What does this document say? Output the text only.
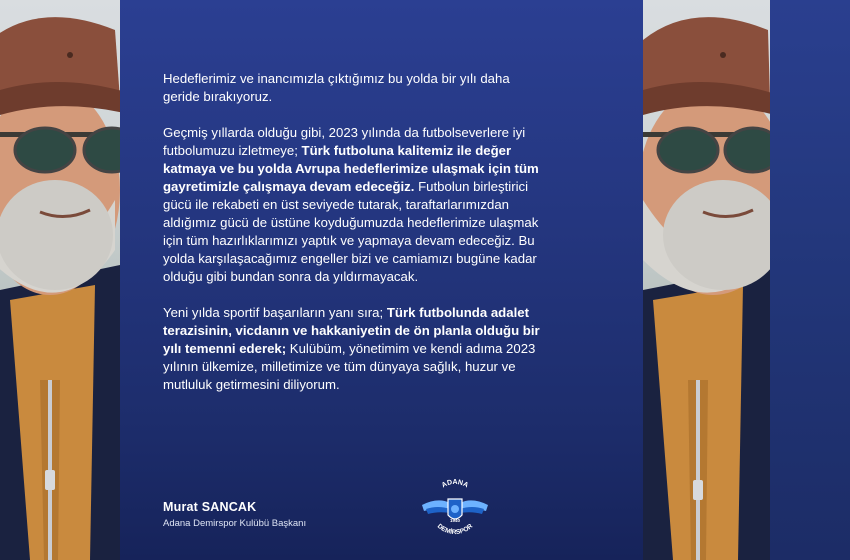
Hedeflerimiz ve inancımızla çıktığımız bu yolda bir yılı daha geride bırakıyoruz.

Geçmiş yıllarda olduğu gibi, 2023 yılında da futbolseverlere iyi futbolumuzu izletmeye; Türk futboluna kalitemiz ile değer katmaya ve bu yolda Avrupa hedeflerimize ulaşmak için tüm gayretimizle çalışmaya devam edeceğiz. Futbolun birleştirici gücü ile rekabeti en üst seviyede tutarak, taraftarlarımızdan aldığımız gücü de üstüne koyduğumuzda hedeflerimize ulaşmak için tüm hazırlıklarımızı yaptık ve yapmaya devam edeceğiz. Bu yolda karşılaşacağımız engeller bizi ve camiamızı bugüne kadar olduğu gibi bundan sonra da yıldırmayacak.

Yeni yılda sportif başarıların yanı sıra; Türk futbolunda adalet terazisinin, vicdanın ve hakkaniyetin de ön planla olduğu bir yılı temenni ederek; Kulübüm, yönetimim ve kendi adıma 2023 yılının ülkemize, milletimize ve tüm dünyaya sağlık, huzur ve mutluluk getirmesini diliyorum.

Murat SANCAK
Adana Demirspor Kulübü Başkanı
ADANA
1940
DEMİRSPOR
